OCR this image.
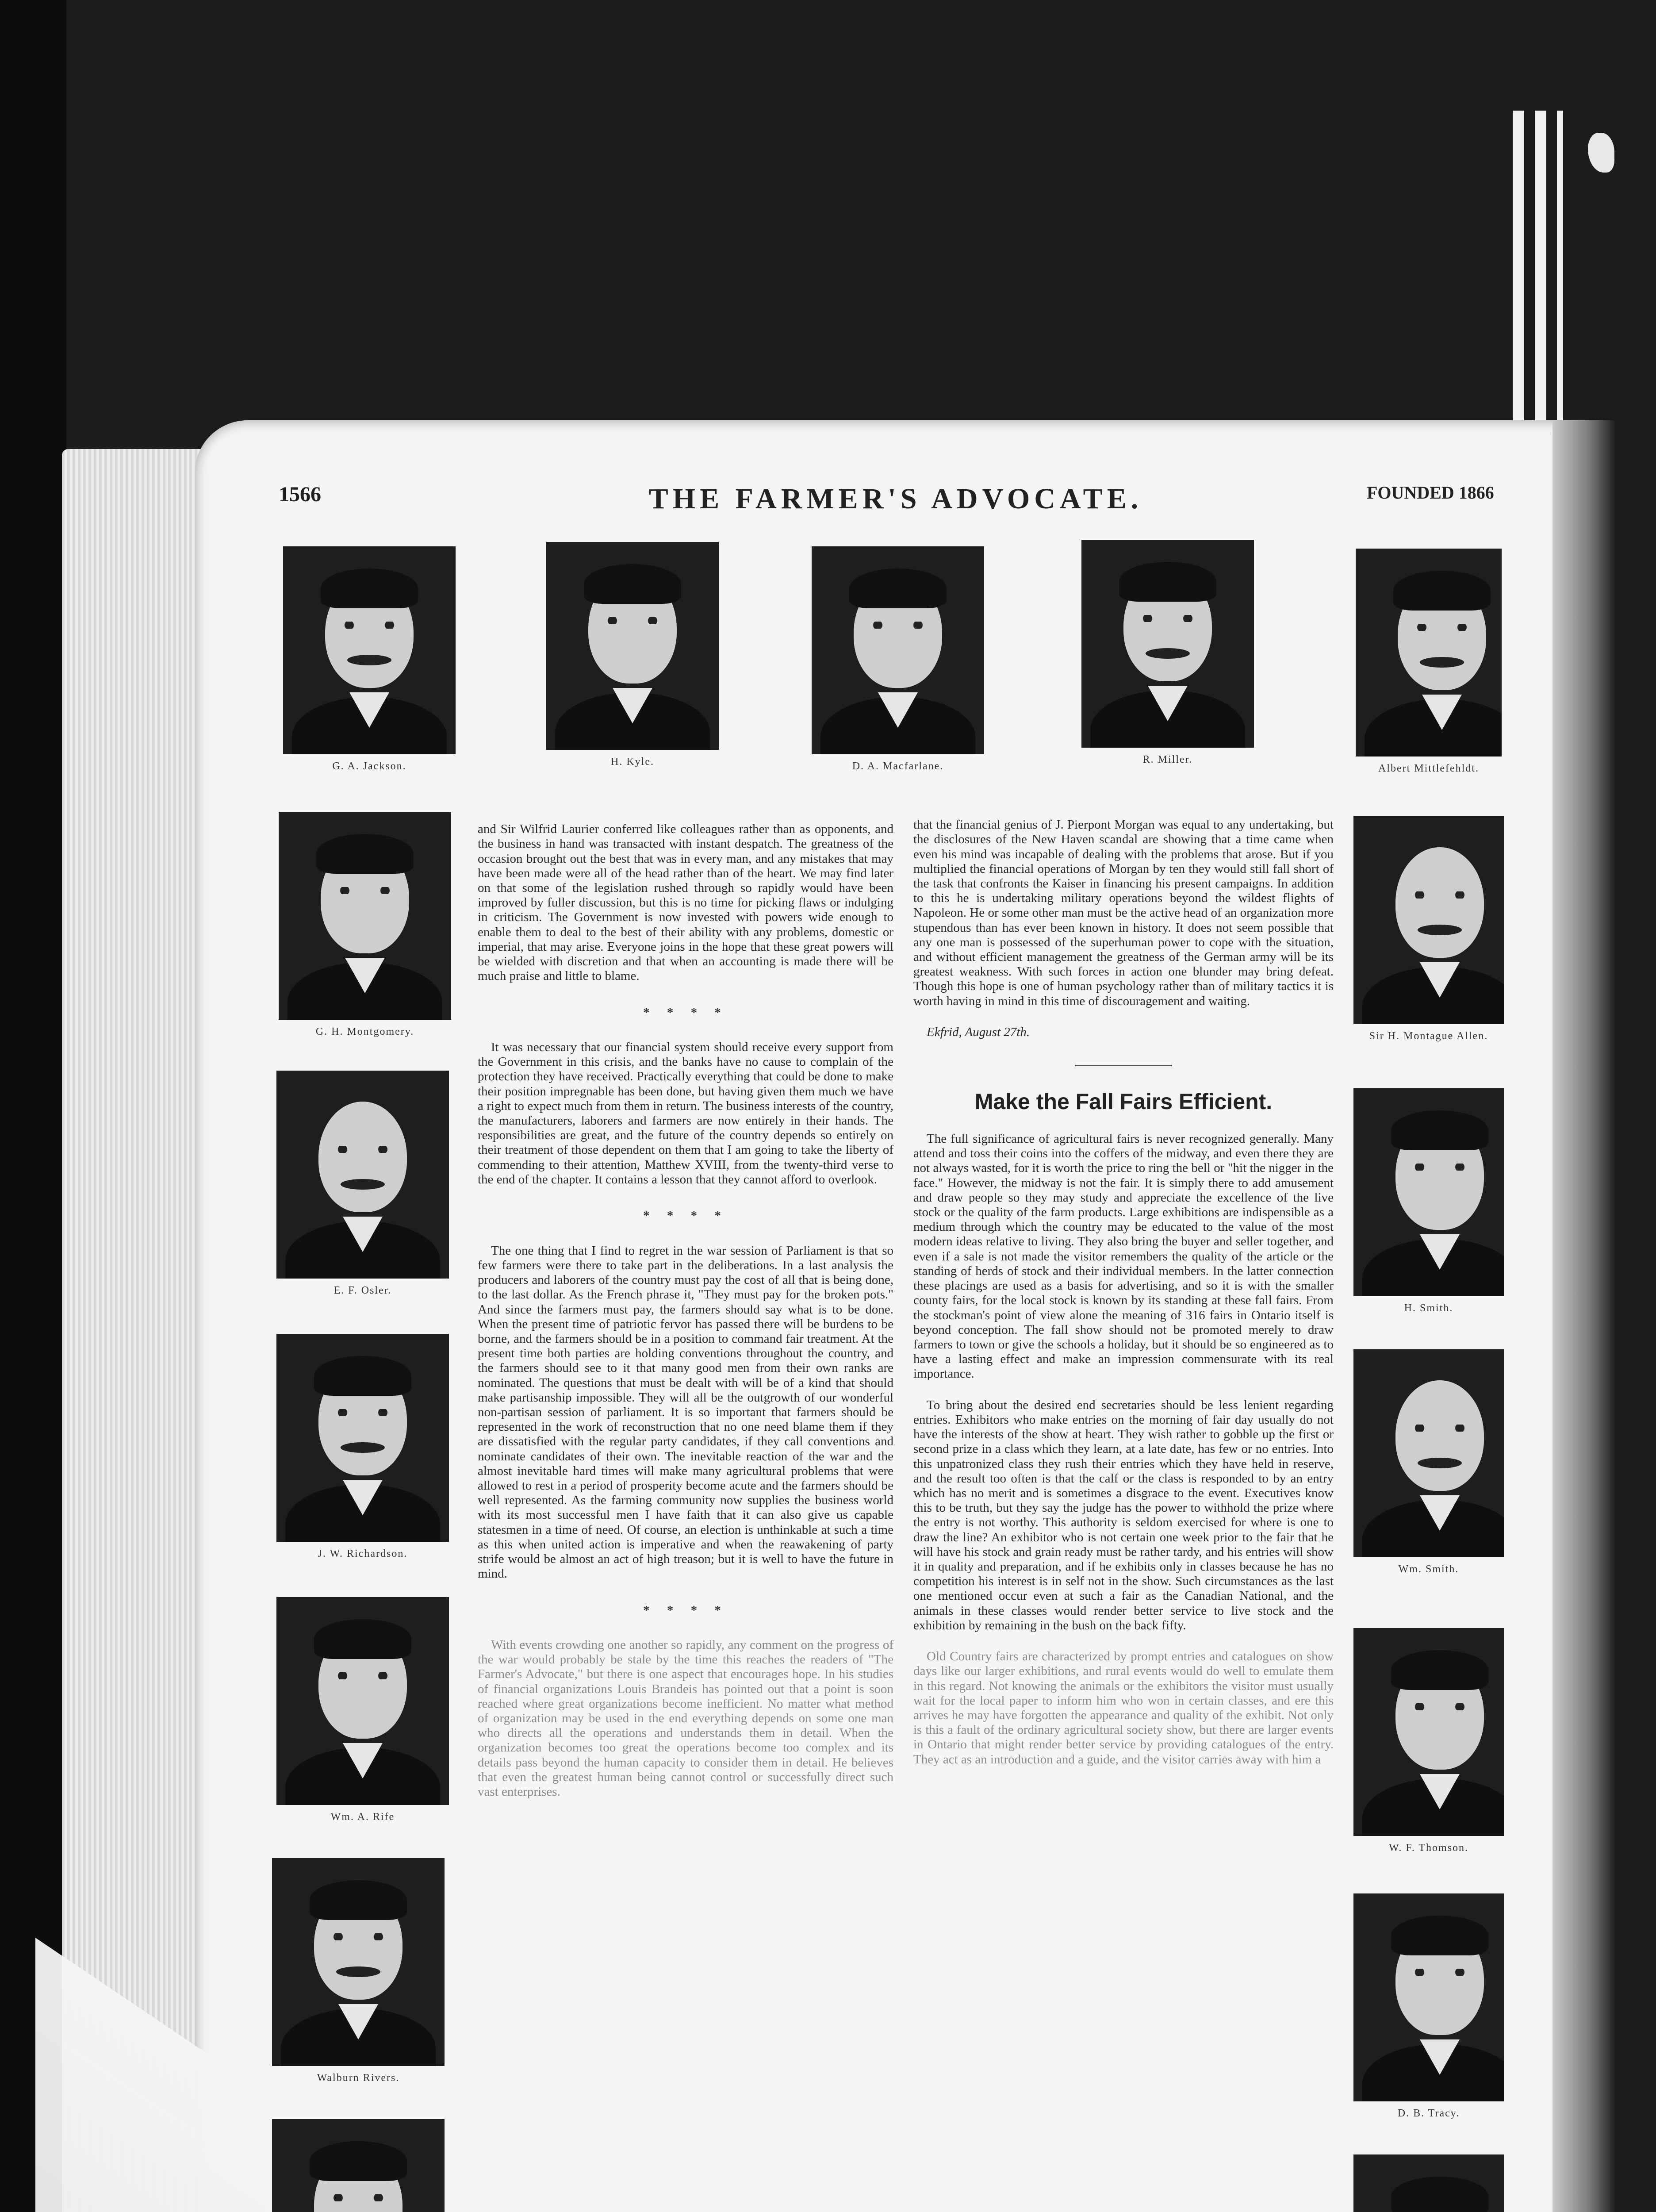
1566	THE FARMER'S ADVOCATE.	FOUNDED 1866
G. A. Jackson.	H. Kyle.	D. A. Macfarlane.
R. Miller.
Albert Mittlefehldt.
G. H. Montgomery.
E. F. Osler.
J. W. Richardson.
Wm. A. Rife
Walburn Rivers.
Sir H. Montague Allen.
H. Smith.
Wm. Smith.
W. F. Thomson.
D. B. Tracy.

and Sir Wilfrid Laurier conferred like colleagues rather than as opponents, and the business in hand was transacted with instant despatch. The greatness of the occasion brought out the best that was in every man, and any mistakes that may have been made were all of the head rather than of the heart. We may find later on that some of the legislation rushed through so rapidly would have been improved by fuller discussion, but this is no time for picking flaws or indulging in criticism. The Government is now invested with powers wide enough to enable them to deal to the best of their ability with any problems, domestic or imperial, that may arise. Everyone joins in the hope that these great powers will be wielded with discretion and that when an accounting is made there will be much praise and little to blame.

* * * *

It was necessary that our financial system should receive every support from the Government in this crisis, and the banks have no cause to complain of the protection they have received. Practically everything that could be done to make their position impregnable has been done, but having given them much we have a right to expect much from them in return. The business interests of the country, the manufacturers, laborers and farmers are now entirely in their hands. The responsibilities are great, and the future of the country depends so entirely on their treatment of those dependent on them that I am going to take the liberty of commending to their attention, Matthew XVIII, from the twenty-third verse to the end of the chapter. It contains a lesson that they cannot afford to overlook.

* * * *

The one thing that I find to regret in the war session of Parliament is that so few farmers were there to take part in the deliberations. In a last analysis the producers and laborers of the country must pay the cost of all that is being done, to the last dollar. As the French phrase it, "They must pay for the broken pots." And since the farmers must pay, the farmers should say what is to be done. When the present time of patriotic fervor has passed there will be burdens to be borne, and the farmers should be in a position to command fair treatment. At the present time both parties are holding conventions throughout the country, and the farmers should see to it that many good men from their own ranks are nominated. The questions that must be dealt with will be of a kind that should make partisanship impossible. They will all be the outgrowth of our wonderful non-partisan session of parliament. It is so important that farmers should be represented in the work of reconstruction that no one need blame them if they are dissatisfied with the regular party candidates, if they call conventions and nominate candidates of their own. The inevitable reaction of the war and the almost inevitable hard times will make many agricultural problems that were allowed to rest in a period of prosperity become acute and the farmers should be well represented. As the farming community now supplies the business world with its most successful men I have faith that it can also give us capable statesmen in a time of need. Of course, an election is unthinkable at such a time as this when united action is imperative and when the reawakening of party strife would be almost an act of high treason; but it is well to have the future in mind.

* * * *

With events crowding one another so rapidly, any comment on the progress of the war would probably be stale by the time this reaches the readers of "The Farmer's Advocate," but there is one aspect that encourages hope. In his studies of financial organizations Louis Brandeis has pointed out that a point is soon reached where great organizations become inefficient. No matter what method of organization may be used in the end everything depends on some one man who directs all the operations and understands them in detail. When the organization becomes too great the operations become too complex and its details pass beyond the human capacity to consider them in detail. He believes that even the greatest human being cannot control or successfully direct such vast enterprises.

that the financial genius of J. Pierpont Morgan was equal to any undertaking, but the disclosures of the New Haven scandal are showing that a time came when even his mind was incapable of dealing with the problems that arose. But if you multiplied the financial operations of Morgan by ten they would still fall short of the task that confronts the Kaiser in financing his present campaigns. In addition to this he is undertaking military operations beyond the wildest flights of Napoleon. He or some other man must be the active head of an organization more stupendous than has ever been known in history. It does not seem possible that any one man is possessed of the superhuman power to cope with the situation, and without efficient management the greatness of the German army will be its greatest weakness. With such forces in action one blunder may bring defeat. Though this hope is one of human psychology rather than of military tactics it is worth having in mind in this time of discouragement and waiting.

Ekfrid, August 27th.

Make the Fall Fairs Efficient.

The full significance of agricultural fairs is never recognized generally. Many attend and toss their coins into the coffers of the midway, and even there they are not always wasted, for it is worth the price to ring the bell or "hit the nigger in the face." However, the midway is not the fair. It is simply there to add amusement and draw people so they may study and appreciate the excellence of the live stock or the quality of the farm products. Large exhibitions are indispensible as a medium through which the country may be educated to the value of the most modern ideas relative to living. They also bring the buyer and seller together, and even if a sale is not made the visitor remembers the quality of the article or the standing of herds of stock and their individual members. In the latter connection these placings are used as a basis for advertising, and so it is with the smaller county fairs, for the local stock is known by its standing at these fall fairs. From the stockman's point of view alone the meaning of 316 fairs in Ontario itself is beyond conception. The fall show should not be promoted merely to draw farmers to town or give the schools a holiday, but it should be so engineered as to have a lasting effect and make an impression commensurate with its real importance.

To bring about the desired end secretaries should be less lenient regarding entries. Exhibitors who make entries on the morning of fair day usually do not have the interests of the show at heart. They wish rather to gobble up the first or second prize in a class which they learn, at a late date, has few or no entries. Into this unpatronized class they rush their entries which they have held in reserve, and the result too often is that the calf or the class is responded to by an entry which has no merit and is sometimes a disgrace to the event. Executives know this to be truth, but they say the judge has the power to withhold the prize where the entry is not worthy. This authority is seldom exercised for where is one to draw the line? An exhibitor who is not certain one week prior to the fair that he will have his stock and grain ready must be rather tardy, and his entries will show it in quality and preparation, and if he exhibits only in classes because he has no competition his interest is in self not in the show. Such circumstances as the last one mentioned occur even at such a fair as the Canadian National, and the animals in these classes would render better service to live stock and the exhibition by remaining in the bush on the back fifty.

Old Country fairs are characterized by prompt entries and catalogues on show days like our larger exhibitions, and rural events would do well to emulate them in this regard. Not knowing the animals or the exhibitors the visitor must usually wait for the local paper to inform him who won in certain classes, and ere this arrives he may have forgotten the appearance and quality of the exhibit. Not only is this a fault of the ordinary agricultural society show, but there are larger events in Ontario that might render better service by providing catalogues of the entry. They act as an introduction and a guide, and the visitor carries away with him a
